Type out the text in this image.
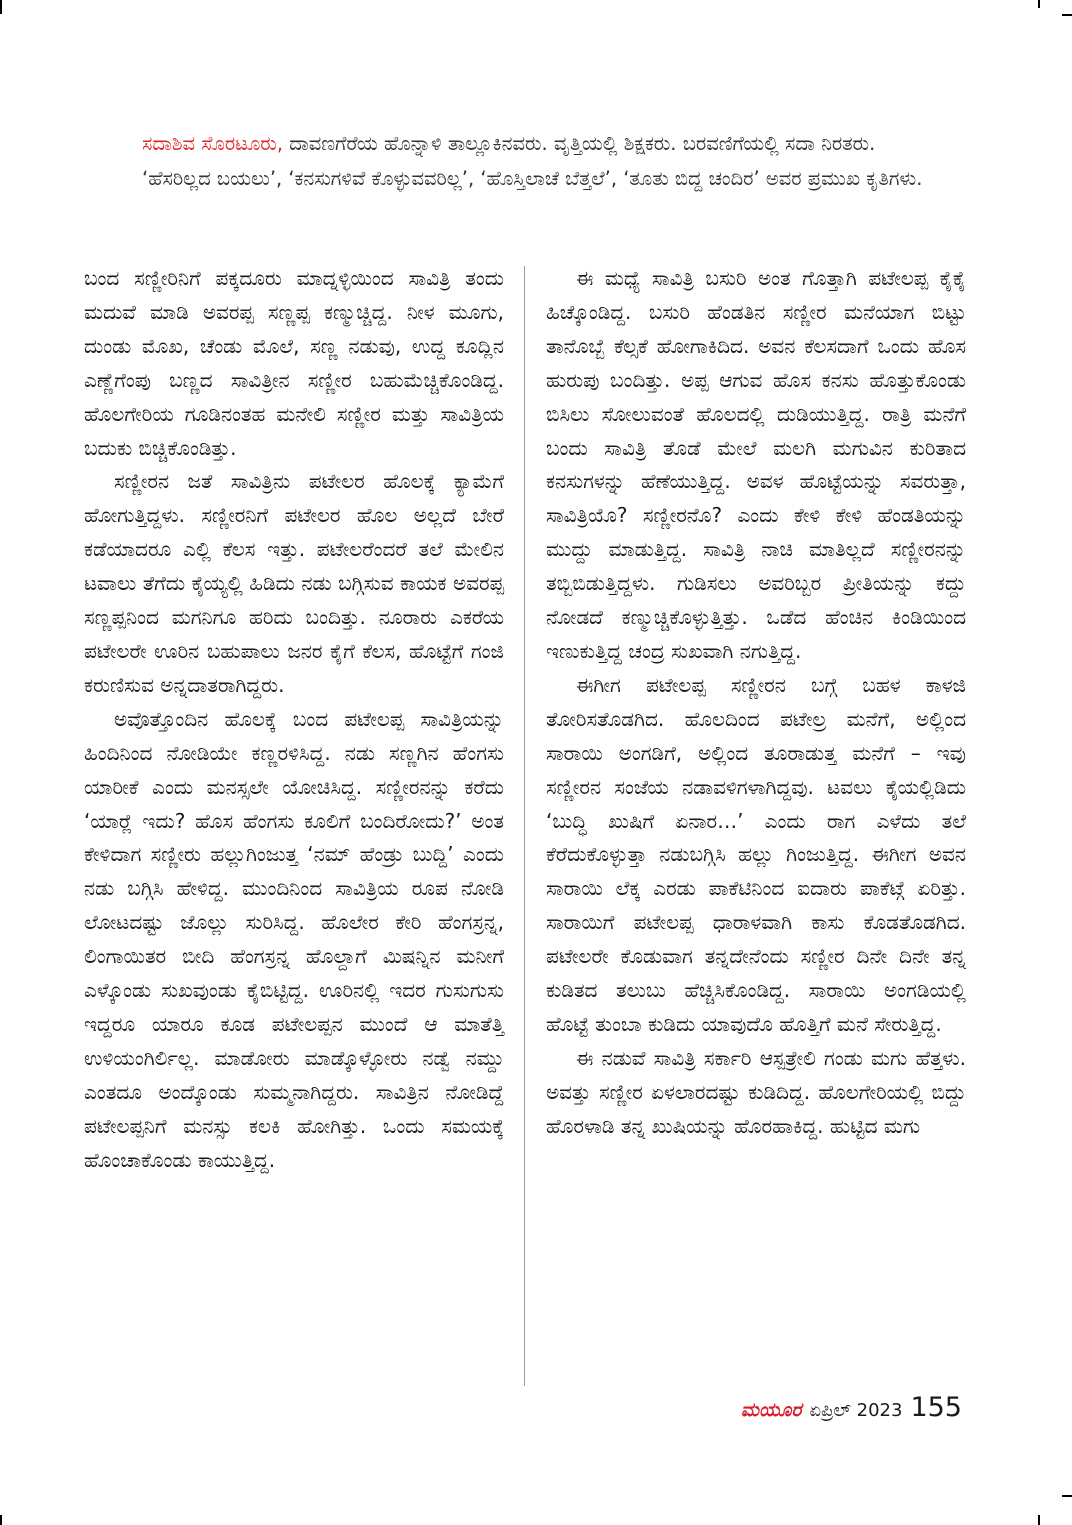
ಸದಾಶಿವ ಸೊರಟೂರು, ದಾವಣಗೆರೆಯ ಹೊನ್ನಾಳಿ ತಾಲ್ಲೂಕಿನವರು. ವೃತ್ತಿಯಲ್ಲಿ ಶಿಕ್ಷಕರು. ಬರವಣಿಗೆಯಲ್ಲಿ ಸದಾ ನಿರತರು. ‘ಹೆಸರಿಲ್ಲದ ಬಯಲು’, ‘ಕನಸುಗಳಿವೆ ಕೊಳ್ಳುವವರಿಲ್ಲ’, ‘ಹೊಸ್ತಿಲಾಚೆ ಬೆತ್ತಲೆ’, ‘ತೂತು ಬಿದ್ದ ಚಂದಿರ’ ಅವರ ಪ್ರಮುಖ ಕೃತಿಗಳು.

ಬಂದ ಸಣ್ಣೀರಿನಿಗೆ ಪಕ್ಕದೂರು ಮಾದ್ನಳ್ಳಿಯಿಂದ ಸಾವಿತ್ರಿ ತಂದು ಮದುವೆ ಮಾಡಿ ಅವರಪ್ಪ ಸಣ್ಣಪ್ಪ ಕಣ್ಮುಚ್ಚಿದ್ದ. ನೀಳ ಮೂಗು, ದುಂಡು ಮೊಖ, ಚೆಂಡು ಮೊಲೆ, ಸಣ್ಣ ನಡುವು, ಉದ್ದ ಕೂದ್ಲಿನ ಎಣ್ಣೆಗೆಂಪು ಬಣ್ಣದ ಸಾವಿತ್ರೀನ ಸಣ್ಣೀರ ಬಹುಮೆಚ್ಚಿಕೊಂಡಿದ್ದ. ಹೊಲಗೇರಿಯ ಗೂಡಿನಂತಹ ಮನೇಲಿ ಸಣ್ಣೀರ ಮತ್ತು ಸಾವಿತ್ರಿಯ ಬದುಕು ಬಿಚ್ಚಿಕೊಂಡಿತ್ತು.

ಸಣ್ಣೀರನ ಜತೆ ಸಾವಿತ್ರಿನು ಪಟೇಲರ ಹೊಲಕ್ಕೆ ಕ್ಯಾಮೆಗೆ ಹೋಗುತ್ತಿದ್ದಳು. ಸಣ್ಣೀರನಿಗೆ ಪಟೇಲರ ಹೊಲ ಅಲ್ಲದೆ ಬೇರೆ ಕಡೆಯಾದರೂ ಎಲ್ಲಿ ಕೆಲಸ ಇತ್ತು. ಪಟೇಲರೆಂದರೆ ತಲೆ ಮೇಲಿನ ಟವಾಲು ತೆಗೆದು ಕೈಯ್ಯಲ್ಲಿ ಹಿಡಿದು ನಡು ಬಗ್ಗಿಸುವ ಕಾಯಕ ಅವರಪ್ಪ ಸಣ್ಣಪ್ಪನಿಂದ ಮಗನಿಗೂ ಹರಿದು ಬಂದಿತ್ತು. ನೂರಾರು ಎಕರೆಯ ಪಟೇಲರೇ ಊರಿನ ಬಹುಪಾಲು ಜನರ ಕೈಗೆ ಕೆಲಸ, ಹೊಟ್ಟೆಗೆ ಗಂಜಿ ಕರುಣಿಸುವ ಅನ್ನದಾತರಾಗಿದ್ದರು.

ಅವೊತ್ತೊಂದಿನ ಹೊಲಕ್ಕೆ ಬಂದ ಪಟೇಲಪ್ಪ ಸಾವಿತ್ರಿಯನ್ನು ಹಿಂದಿನಿಂದ ನೋಡಿಯೇ ಕಣ್ಣರಳಿಸಿದ್ದ. ನಡು ಸಣ್ಣಗಿನ ಹೆಂಗಸು ಯಾರೀಕೆ ಎಂದು ಮನಸ್ಸಲೇ ಯೋಚಿಸಿದ್ದ. ಸಣ್ಣೀರನನ್ನು ಕರೆದು ‘ಯಾರ್‍ಲೆ ಇದು? ಹೊಸ ಹೆಂಗಸು ಕೂಲಿಗೆ ಬಂದಿರೋದು?’ ಅಂತ ಕೇಳಿದಾಗ ಸಣ್ಣೀರು ಹಲ್ಲುಗಿಂಜುತ್ತ ‘ನಮ್ ಹೆಂಡ್ರು ಬುದ್ದಿ’ ಎಂದು ನಡು ಬಗ್ಗಿಸಿ ಹೇಳಿದ್ದ. ಮುಂದಿನಿಂದ ಸಾವಿತ್ರಿಯ ರೂಪ ನೋಡಿ ಲೋಟದಷ್ಟು ಜೊಲ್ಲು ಸುರಿಸಿದ್ದ. ಹೊಲೇರ ಕೇರಿ ಹೆಂಗಸ್ರನ್ನ, ಲಿಂಗಾಯಿತರ ಬೀದಿ ಹೆಂಗಸ್ರನ್ನ ಹೊಲ್ದಾಗೆ ಮಿಷನ್ನಿನ ಮನೀಗೆ ಎಳ್ಕೊಂಡು ಸುಖವುಂಡು ಕೈಬಿಟ್ಟಿದ್ದ. ಊರಿನಲ್ಲಿ ಇದರ ಗುಸುಗುಸು ಇದ್ದರೂ ಯಾರೂ ಕೂಡ ಪಟೇಲಪ್ಪನ ಮುಂದೆ ಆ ಮಾತೆತ್ತಿ ಉಳಿಯಂಗಿರ್ಲಿಲ್ಲ. ಮಾಡೋರು ಮಾಡ್ಕೊಳ್ಳೋರು ನಡ್ವೆ ನಮ್ದು ಎಂತದೂ ಅಂದ್ಕೊಂಡು ಸುಮ್ಮನಾಗಿದ್ದರು. ಸಾವಿತ್ರಿನ ನೋಡಿದ್ದೆ ಪಟೇಲಪ್ಪನಿಗೆ ಮನಸ್ಸು ಕಲಕಿ ಹೋಗಿತ್ತು. ಒಂದು ಸಮಯಕ್ಕೆ ಹೊಂಚಾಕೊಂಡು ಕಾಯುತ್ತಿದ್ದ.

ಈ ಮಧ್ಯೆ ಸಾವಿತ್ರಿ ಬಸುರಿ ಅಂತ ಗೊತ್ತಾಗಿ ಪಟೇಲಪ್ಪ ಕೈಕೈ ಹಿಚ್ಕೊಂಡಿದ್ದ. ಬಸುರಿ ಹೆಂಡತಿನ ಸಣ್ಣೀರ ಮನೆಯಾಗ ಬಿಟ್ಟು ತಾನೊಬ್ಬೆ ಕೆಲ್ಸಕೆ ಹೋಗಾಕಿದಿದ. ಅವನ ಕೆಲಸದಾಗೆ ಒಂದು ಹೊಸ ಹುರುಪು ಬಂದಿತ್ತು. ಅಪ್ಪ ಆಗುವ ಹೊಸ ಕನಸು ಹೊತ್ತುಕೊಂಡು ಬಿಸಿಲು ಸೋಲುವಂತೆ ಹೊಲದಲ್ಲಿ ದುಡಿಯುತ್ತಿದ್ದ. ರಾತ್ರಿ ಮನೆಗೆ ಬಂದು ಸಾವಿತ್ರಿ ತೊಡೆ ಮೇಲೆ ಮಲಗಿ ಮಗುವಿನ ಕುರಿತಾದ ಕನಸುಗಳನ್ನು ಹೆಣೆಯುತ್ತಿದ್ದ. ಅವಳ ಹೊಟ್ಟೆಯನ್ನು ಸವರುತ್ತಾ, ಸಾವಿತ್ರಿಯೊ? ಸಣ್ಣೀರನೊ? ಎಂದು ಕೇಳಿ ಕೇಳಿ ಹೆಂಡತಿಯನ್ನು ಮುದ್ದು ಮಾಡುತ್ತಿದ್ದ. ಸಾವಿತ್ರಿ ನಾಚಿ ಮಾತಿಲ್ಲದೆ ಸಣ್ಣೀರನನ್ನು ತಬ್ಬಿಬಿಡುತ್ತಿದ್ದಳು. ಗುಡಿಸಲು ಅವರಿಬ್ಬರ ಪ್ರೀತಿಯನ್ನು ಕದ್ದು ನೋಡದೆ ಕಣ್ಮುಚ್ಚಿಕೊಳ್ಳುತ್ತಿತ್ತು. ಒಡೆದ ಹೆಂಚಿನ ಕಿಂಡಿಯಿಂದ ಇಣುಕುತ್ತಿದ್ದ ಚಂದ್ರ ಸುಖವಾಗಿ ನಗುತ್ತಿದ್ದ.

ಈಗೀಗ ಪಟೇಲಪ್ಪ ಸಣ್ಣೀರನ ಬಗ್ಗೆ ಬಹಳ ಕಾಳಜಿ ತೋರಿಸತೊಡಗಿದ. ಹೊಲದಿಂದ ಪಟೇಲ್ರ ಮನೆಗೆ, ಅಲ್ಲಿಂದ ಸಾರಾಯಿ ಅಂಗಡಿಗೆ, ಅಲ್ಲಿಂದ ತೂರಾಡುತ್ತ ಮನೆಗೆ – ಇವು ಸಣ್ಣೀರನ ಸಂಜೆಯ ನಡಾವಳಿಗಳಾಗಿದ್ದವು. ಟವಲು ಕೈಯಲ್ಲಿಡಿದು ‘ಬುದ್ಧಿ ಖುಷಿಗೆ ಏನಾರ…’ ಎಂದು ರಾಗ ಎಳೆದು ತಲೆ ಕೆರೆದುಕೊಳ್ಳುತ್ತಾ ನಡುಬಗ್ಗಿಸಿ ಹಲ್ಲು ಗಿಂಜುತ್ತಿದ್ದ. ಈಗೀಗ ಅವನ ಸಾರಾಯಿ ಲೆಕ್ಕ ಎರಡು ಪಾಕೆಟಿನಿಂದ ಐದಾರು ಪಾಕೆಟ್ಗೆ ಏರಿತ್ತು. ಸಾರಾಯಿಗೆ ಪಟೇಲಪ್ಪ ಧಾರಾಳವಾಗಿ ಕಾಸು ಕೊಡತೊಡಗಿದ. ಪಟೇಲರೇ ಕೊಡುವಾಗ ತನ್ನದೇನೆಂದು ಸಣ್ಣೀರ ದಿನೇ ದಿನೇ ತನ್ನ ಕುಡಿತದ ತಲುಬು ಹೆಚ್ಚಿಸಿಕೊಂಡಿದ್ದ. ಸಾರಾಯಿ ಅಂಗಡಿಯಲ್ಲಿ ಹೊಟ್ಟೆ ತುಂಬಾ ಕುಡಿದು ಯಾವುದೊ ಹೊತ್ತಿಗೆ ಮನೆ ಸೇರುತ್ತಿದ್ದ.

ಈ ನಡುವೆ ಸಾವಿತ್ರಿ ಸರ್ಕಾರಿ ಆಸ್ಪತ್ರೇಲಿ ಗಂಡು ಮಗು ಹೆತ್ತಳು. ಅವತ್ತು ಸಣ್ಣೀರ ಏಳಲಾರದಷ್ಟು ಕುಡಿದಿದ್ದ. ಹೊಲಗೇರಿಯಲ್ಲಿ ಬಿದ್ದು ಹೊರಳಾಡಿ ತನ್ನ ಖುಷಿಯನ್ನು ಹೊರಹಾಕಿದ್ದ. ಹುಟ್ಟಿದ ಮಗು

ಮಯೂರ ಏಪ್ರಿಲ್ 2023 155
